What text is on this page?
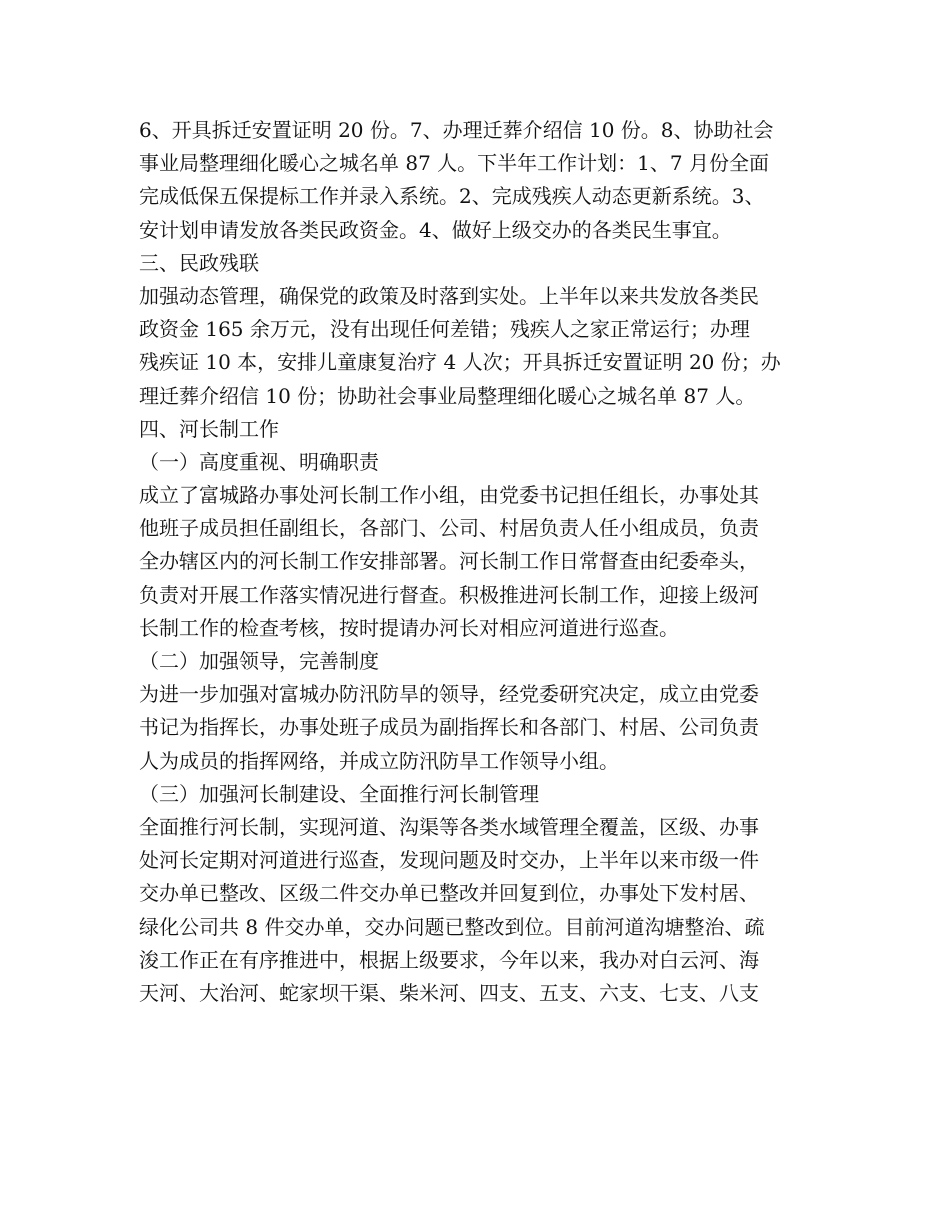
6、开具拆迁安置证明 20 份。7、办理迁葬介绍信 10 份。8、协助社会
事业局整理细化暖心之城名单 87 人。下半年工作计划：1、7 月份全面
完成低保五保提标工作并录入系统。2、完成残疾人动态更新系统。3、
安计划申请发放各类民政资金。4、做好上级交办的各类民生事宜。
三、民政残联
加强动态管理，确保党的政策及时落到实处。上半年以来共发放各类民
政资金 165 余万元，没有出现任何差错；残疾人之家正常运行；办理
残疾证 10 本，安排儿童康复治疗 4 人次；开具拆迁安置证明 20 份；办
理迁葬介绍信 10 份；协助社会事业局整理细化暖心之城名单 87 人。
四、河长制工作
（一）高度重视、明确职责
成立了富城路办事处河长制工作小组，由党委书记担任组长，办事处其
他班子成员担任副组长，各部门、公司、村居负责人任小组成员，负责
全办辖区内的河长制工作安排部署。河长制工作日常督查由纪委牵头，
负责对开展工作落实情况进行督查。积极推进河长制工作，迎接上级河
长制工作的检查考核，按时提请办河长对相应河道进行巡查。
（二）加强领导，完善制度
为进一步加强对富城办防汛防旱的领导，经党委研究决定，成立由党委
书记为指挥长，办事处班子成员为副指挥长和各部门、村居、公司负责
人为成员的指挥网络，并成立防汛防旱工作领导小组。
（三）加强河长制建设、全面推行河长制管理
全面推行河长制，实现河道、沟渠等各类水域管理全覆盖，区级、办事
处河长定期对河道进行巡查，发现问题及时交办，上半年以来市级一件
交办单已整改、区级二件交办单已整改并回复到位，办事处下发村居、
绿化公司共 8 件交办单，交办问题已整改到位。目前河道沟塘整治、疏
浚工作正在有序推进中，根据上级要求，今年以来，我办对白云河、海
天河、大治河、蛇家坝干渠、柴米河、四支、五支、六支、七支、八支
